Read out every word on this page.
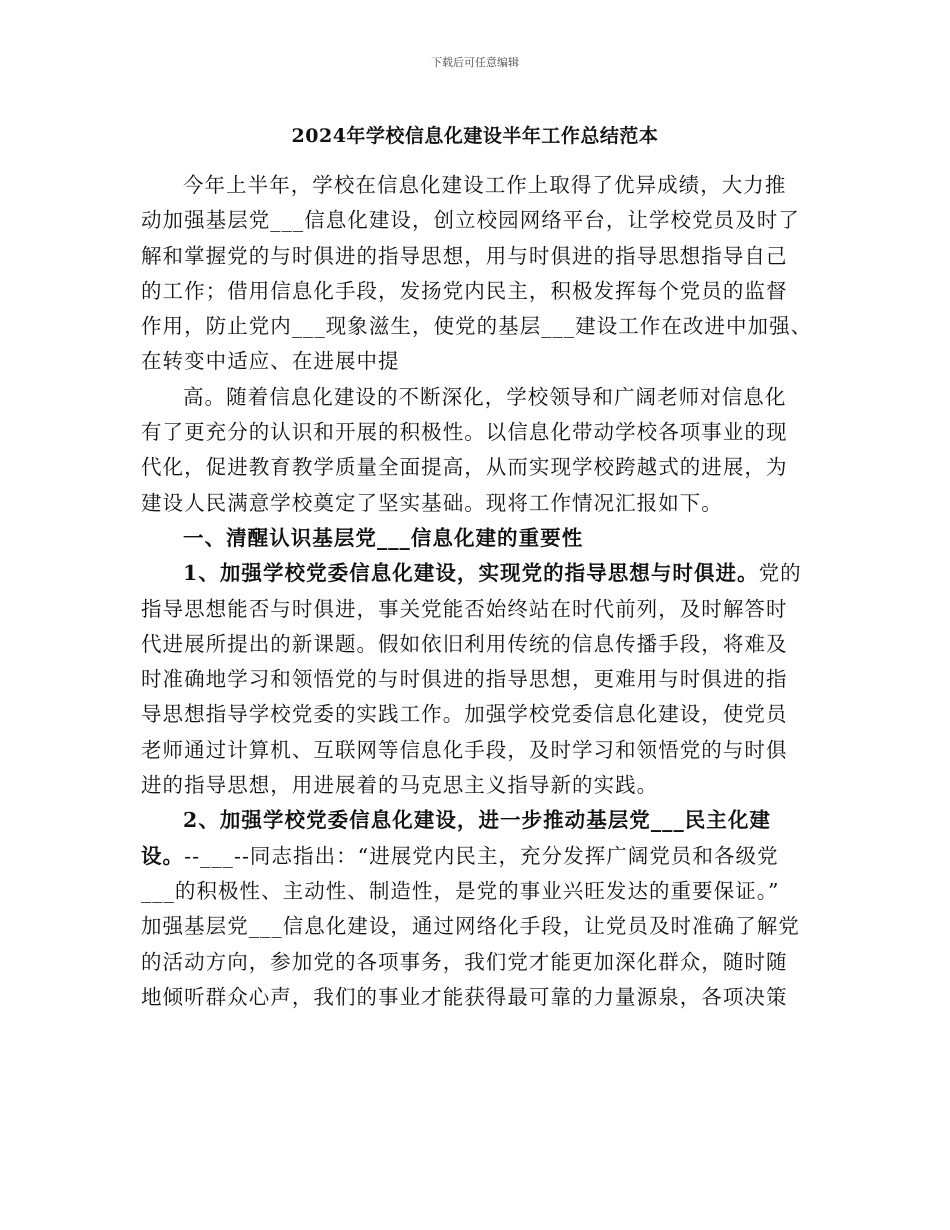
下载后可任意编辑
2024年学校信息化建设半年工作总结范本
今年上半年，学校在信息化建设工作上取得了优异成绩，大力推
动加强基层党___信息化建设，创立校园网络平台，让学校党员及时了
解和掌握党的与时俱进的指导思想，用与时俱进的指导思想指导自己
的工作；借用信息化手段，发扬党内民主，积极发挥每个党员的监督
作用，防止党内___现象滋生，使党的基层___建设工作在改进中加强、
在转变中适应、在进展中提
高。随着信息化建设的不断深化，学校领导和广阔老师对信息化
有了更充分的认识和开展的积极性。以信息化带动学校各项事业的现
代化，促进教育教学质量全面提高，从而实现学校跨越式的进展，为
建设人民满意学校奠定了坚实基础。现将工作情况汇报如下。
一、清醒认识基层党___信息化建的重要性
1、加强学校党委信息化建设，实现党的指导思想与时俱进。党的
指导思想能否与时俱进，事关党能否始终站在时代前列，及时解答时
代进展所提出的新课题。假如依旧利用传统的信息传播手段，将难及
时准确地学习和领悟党的与时俱进的指导思想，更难用与时俱进的指
导思想指导学校党委的实践工作。加强学校党委信息化建设，使党员
老师通过计算机、互联网等信息化手段，及时学习和领悟党的与时俱
进的指导思想，用进展着的马克思主义指导新的实践。
2、加强学校党委信息化建设，进一步推动基层党___民主化建
设。--___--同志指出：“进展党内民主，充分发挥广阔党员和各级党
___的积极性、主动性、制造性，是党的事业兴旺发达的重要保证。”
加强基层党___信息化建设，通过网络化手段，让党员及时准确了解党
的活动方向，参加党的各项事务，我们党才能更加深化群众，随时随
地倾听群众心声，我们的事业才能获得最可靠的力量源泉，各项决策
